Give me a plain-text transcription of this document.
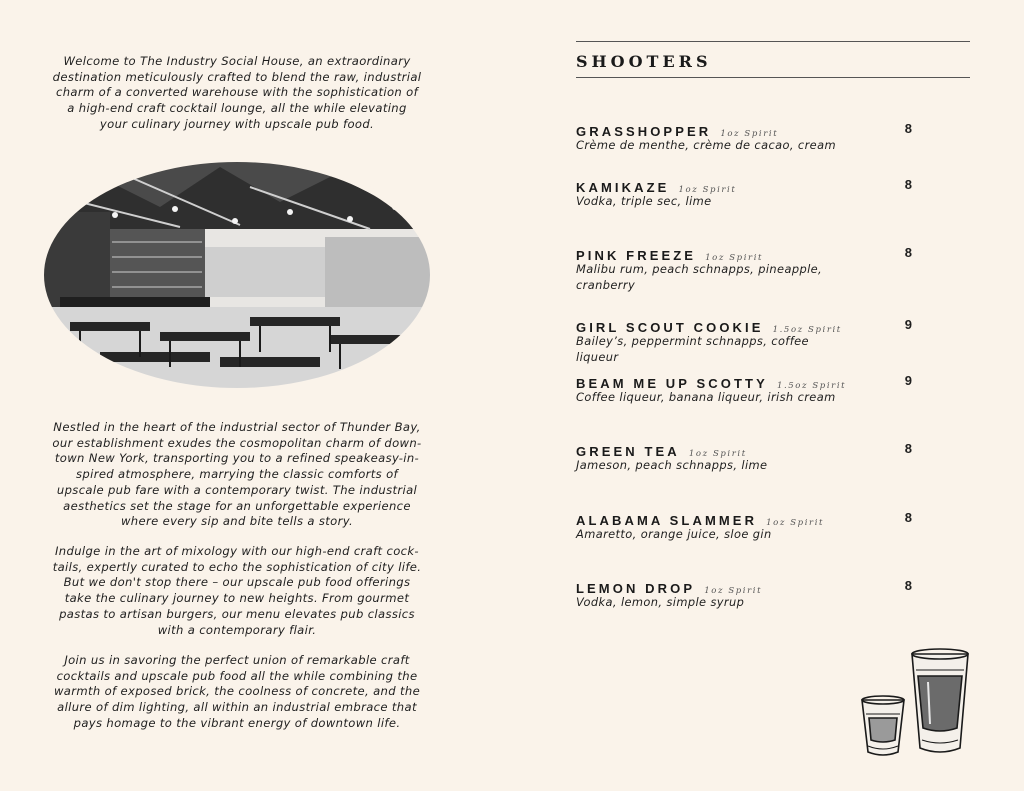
Welcome to The Industry Social House, an extraordinary destination meticulously crafted to blend the raw, industrial charm of a converted warehouse with the sophistication of a high-end craft cocktail lounge, all the while elevating your culinary journey with upscale pub food.

Nestled in the heart of the industrial sector of Thunder Bay, our establishment exudes the cosmopolitan charm of down-town New York, transporting you to a refined speakeasy-in-spired atmosphere, marrying the classic comforts of upscale pub fare with a contemporary twist. The industrial aesthetics set the stage for an unforgettable experience where every sip and bite tells a story.

Indulge in the art of mixology with our high-end craft cock-tails, expertly curated to echo the sophistication of city life. But we don't stop there – our upscale pub food offerings take the culinary journey to new heights. From gourmet pastas to artisan burgers, our menu elevates pub classics with a contemporary flair.

Join us in savoring the perfect union of remarkable craft cocktails and upscale pub food all the while combining the warmth of exposed brick, the coolness of concrete, and the allure of dim lighting, all within an industrial embrace that pays homage to the vibrant energy of downtown life.

SHOOTERS
GRASSHOPPER 1oz Spirit	8

Crème de menthe, crème de cacao, cream

KAMIKAZE 1oz Spirit	8

Vodka, triple sec, lime

PINK FREEZE 1oz Spirit	8

Malibu rum, peach schnapps, pineapple, cranberry

GIRL SCOUT COOKIE 1.5oz Spirit	9

Bailey’s, peppermint schnapps, coffee liqueur

BEAM ME UP SCOTTY 1.5oz Spirit	9

Coffee liqueur, banana liqueur, irish cream

GREEN TEA 1oz Spirit	8

Jameson, peach schnapps, lime

ALABAMA SLAMMER 1oz Spirit	8

Amaretto, orange juice, sloe gin

LEMON DROP 1oz Spirit	8

Vodka, lemon, simple syrup
